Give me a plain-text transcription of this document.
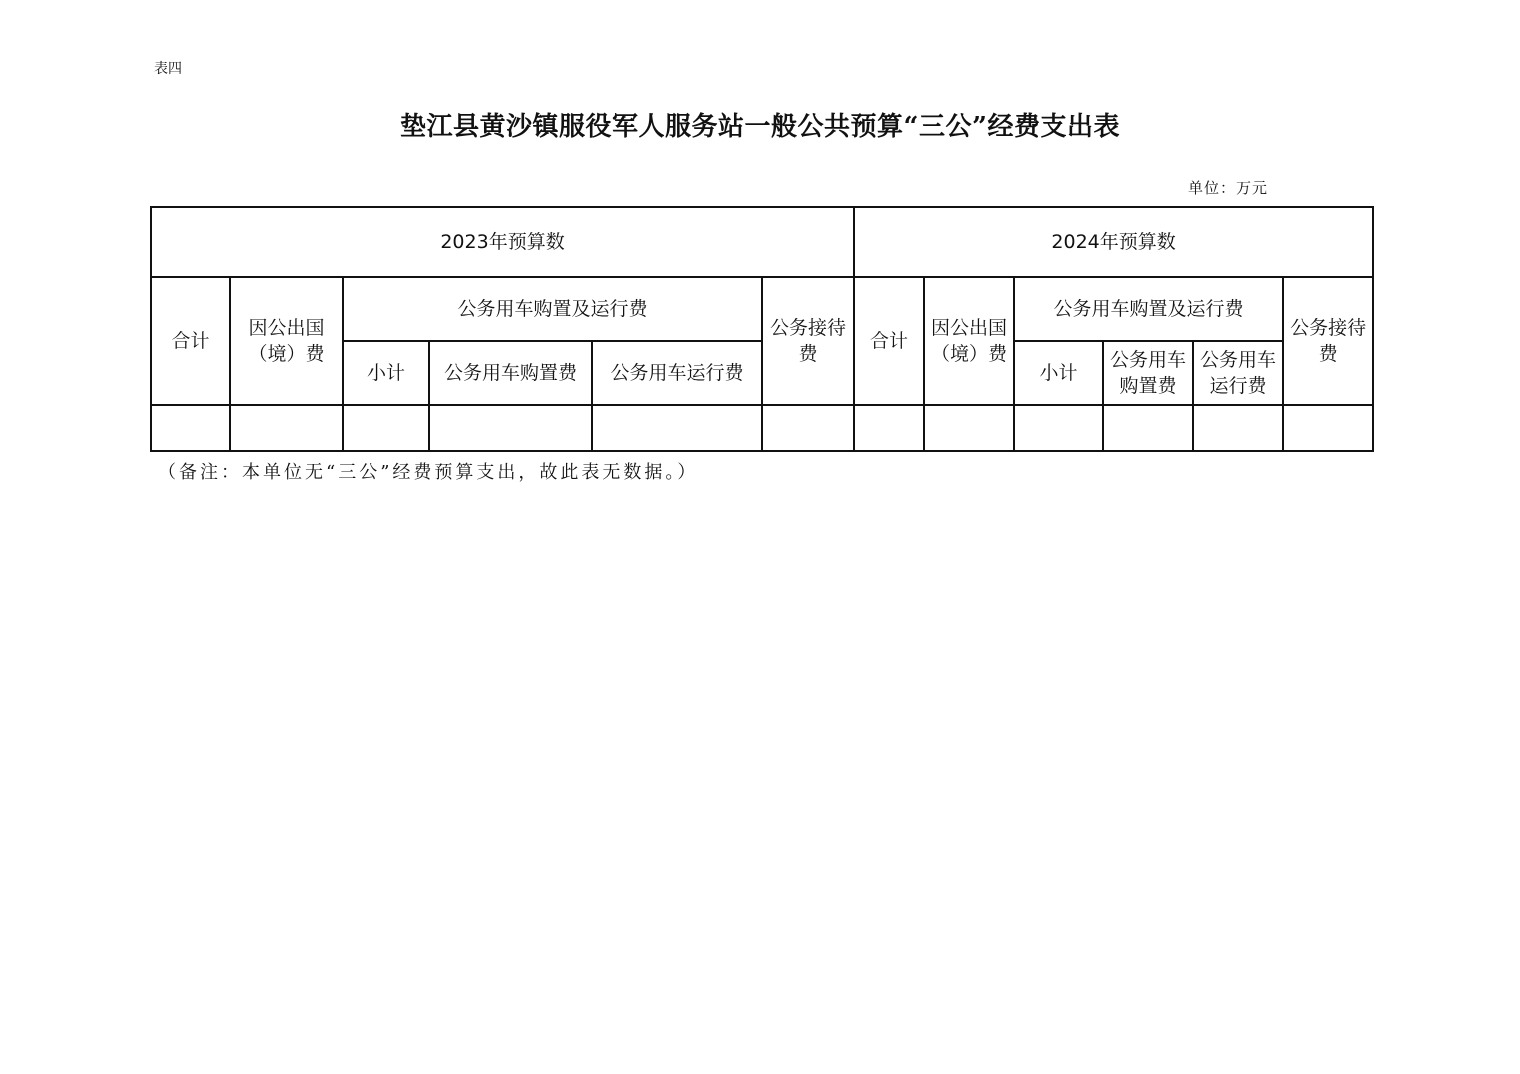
表四
垫江县黄沙镇服役军人服务站一般公共预算“三公”经费支出表
单位：万元
2023年预算数						2024年预算数					
合计	因公出国（境）费	公务用车购置及运行费			公务接待费	合计	因公出国（境）费	公务用车购置及运行费			公务接待费
		小计	公务用车购置费	公务用车运行费				小计	公务用车购置费	公务用车运行费	

（备注：本单位无“三公”经费预算支出，故此表无数据。）
